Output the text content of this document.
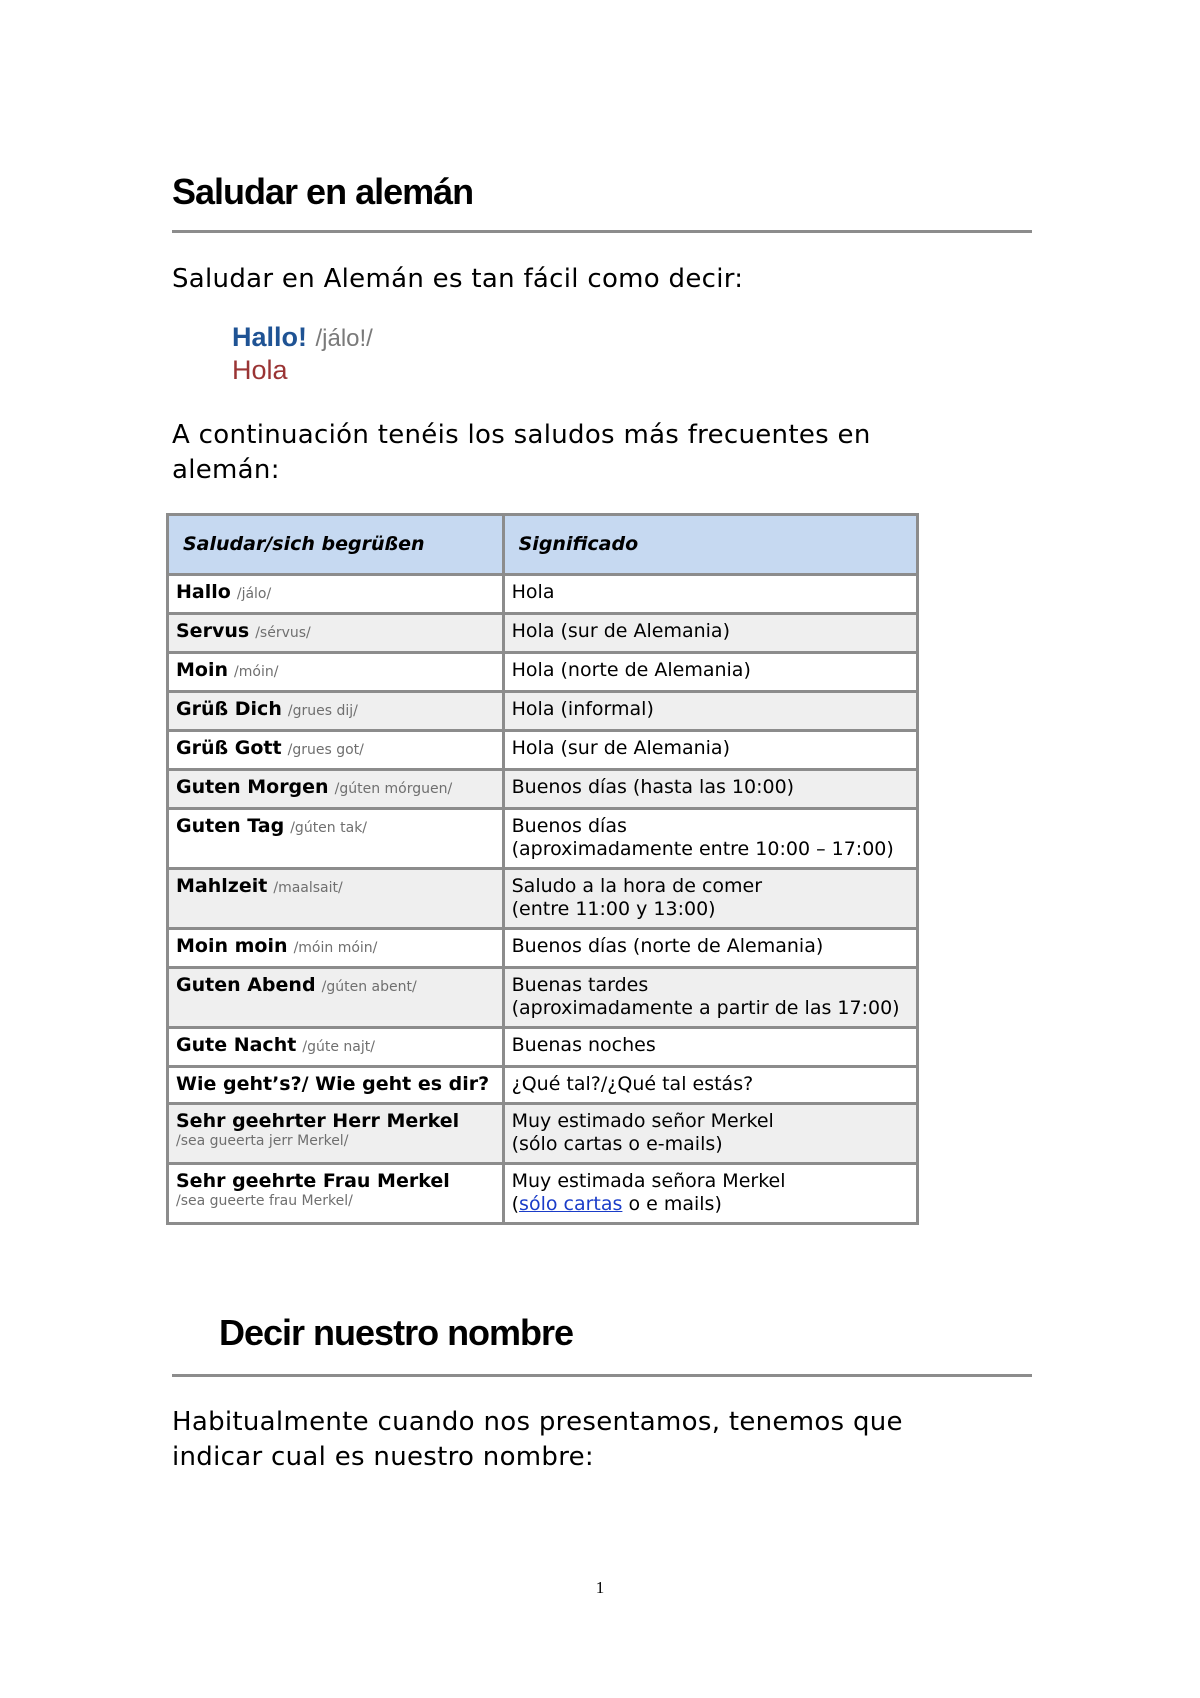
Saludar en alemán
Saludar en Alemán es tan fácil como decir:
Hallo! /jálo!/
Hola
A continuación tenéis los saludos más frecuentes en alemán:
Saludar/sich begrüßen	Significado
Hallo /jálo/	Hola
Servus /sérvus/	Hola (sur de Alemania)
Moin /móin/	Hola (norte de Alemania)
Grüß Dich /grues dij/	Hola (informal)
Grüß Gott /grues got/	Hola (sur de Alemania)
Guten Morgen /gúten mórguen/	Buenos días (hasta las 10:00)
Guten Tag /gúten tak/	Buenos días
(aproximadamente entre 10:00 – 17:00)
Mahlzeit /maalsait/	Saludo a la hora de comer
(entre 11:00 y 13:00)
Moin moin /móin móin/	Buenos días (norte de Alemania)
Guten Abend /gúten abent/	Buenas tardes
(aproximadamente a partir de las 17:00)
Gute Nacht /gúte najt/	Buenas noches
Wie geht’s?/ Wie geht es dir?	¿Qué tal?/¿Qué tal estás?
Sehr geehrter Herr Merkel
/sea gueerta jerr Merkel/	Muy estimado señor Merkel
(sólo cartas o e-mails)
Sehr geehrte Frau Merkel
/sea gueerte frau Merkel/	Muy estimada señora Merkel
(sólo cartas o e mails)
Decir nuestro nombre
Habitualmente cuando nos presentamos, tenemos que indicar cual es nuestro nombre:
1
